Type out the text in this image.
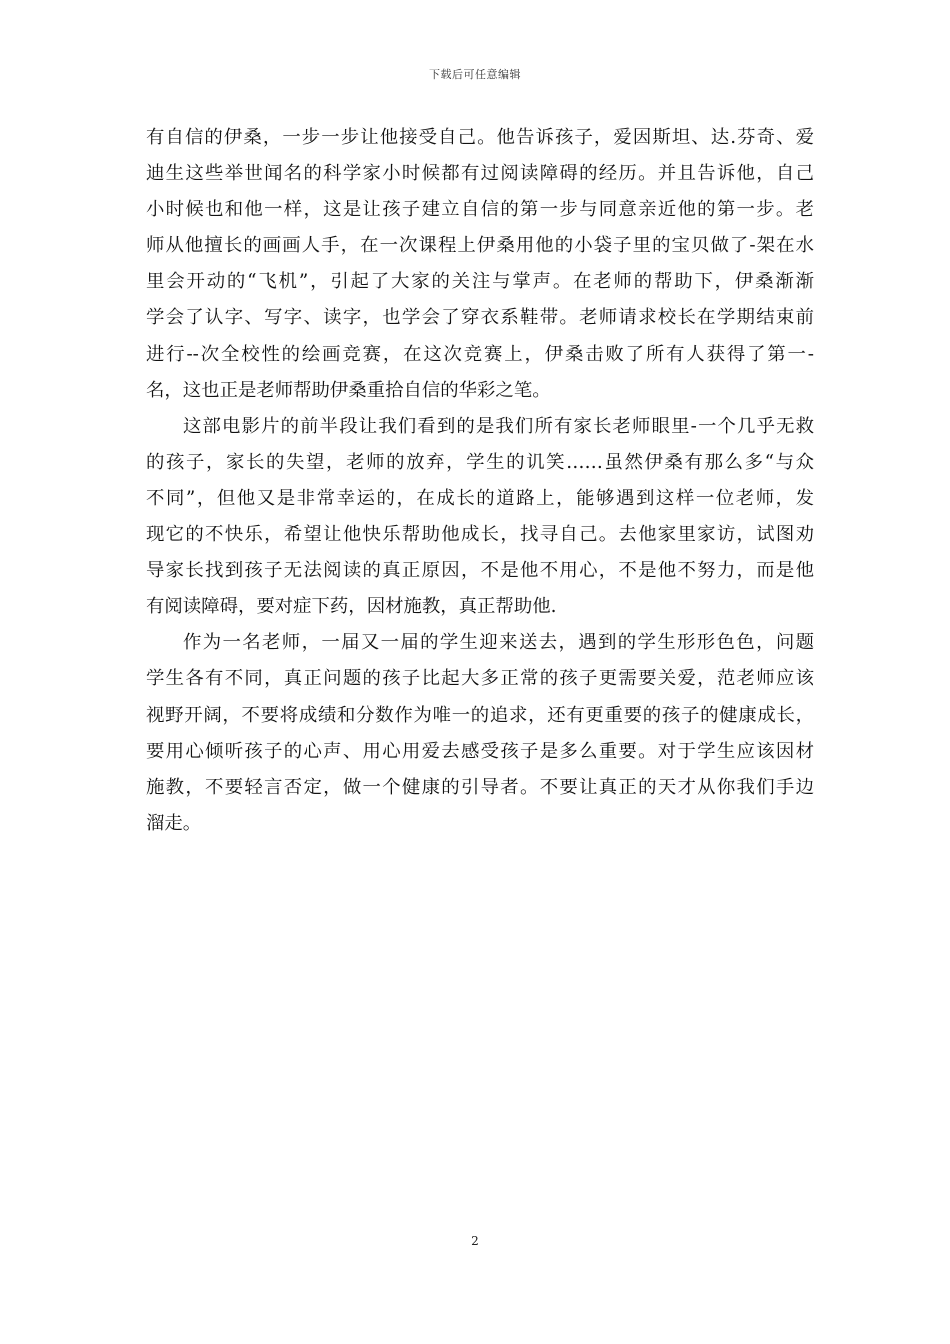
下载后可任意编辑
有自信的伊桑，一步一步让他接受自己。他告诉孩子，爱因斯坦、达.芬奇、爱
迪生这些举世闻名的科学家小时候都有过阅读障碍的经历。并且告诉他，自己
小时候也和他一样，这是让孩子建立自信的第一步与同意亲近他的第一步。老
师从他擅长的画画人手，在一次课程上伊桑用他的小袋子里的宝贝做了-架在水
里会开动的“飞机”，引起了大家的关注与掌声。在老师的帮助下，伊桑渐渐
学会了认字、写字、读字，也学会了穿衣系鞋带。老师请求校长在学期结束前
进行--次全校性的绘画竞赛，在这次竞赛上，伊桑击败了所有人获得了第一-
名，这也正是老师帮助伊桑重拾自信的华彩之笔。
这部电影片的前半段让我们看到的是我们所有家长老师眼里-一个几乎无救
的孩子，家长的失望，老师的放弃，学生的讥笑……虽然伊桑有那么多“与众
不同”，但他又是非常幸运的，在成长的道路上，能够遇到这样一位老师，发
现它的不快乐，希望让他快乐帮助他成长，找寻自己。去他家里家访，试图劝
导家长找到孩子无法阅读的真正原因，不是他不用心，不是他不努力，而是他
有阅读障碍，要对症下药，因材施教，真正帮助他.
作为一名老师，一届又一届的学生迎来送去，遇到的学生形形色色，问题
学生各有不同，真正问题的孩子比起大多正常的孩子更需要关爱，范老师应该
视野开阔，不要将成绩和分数作为唯一的追求，还有更重要的孩子的健康成长，
要用心倾听孩子的心声、用心用爱去感受孩子是多么重要。对于学生应该因材
施教，不要轻言否定，做一个健康的引导者。不要让真正的天才从你我们手边
溜走。
2
